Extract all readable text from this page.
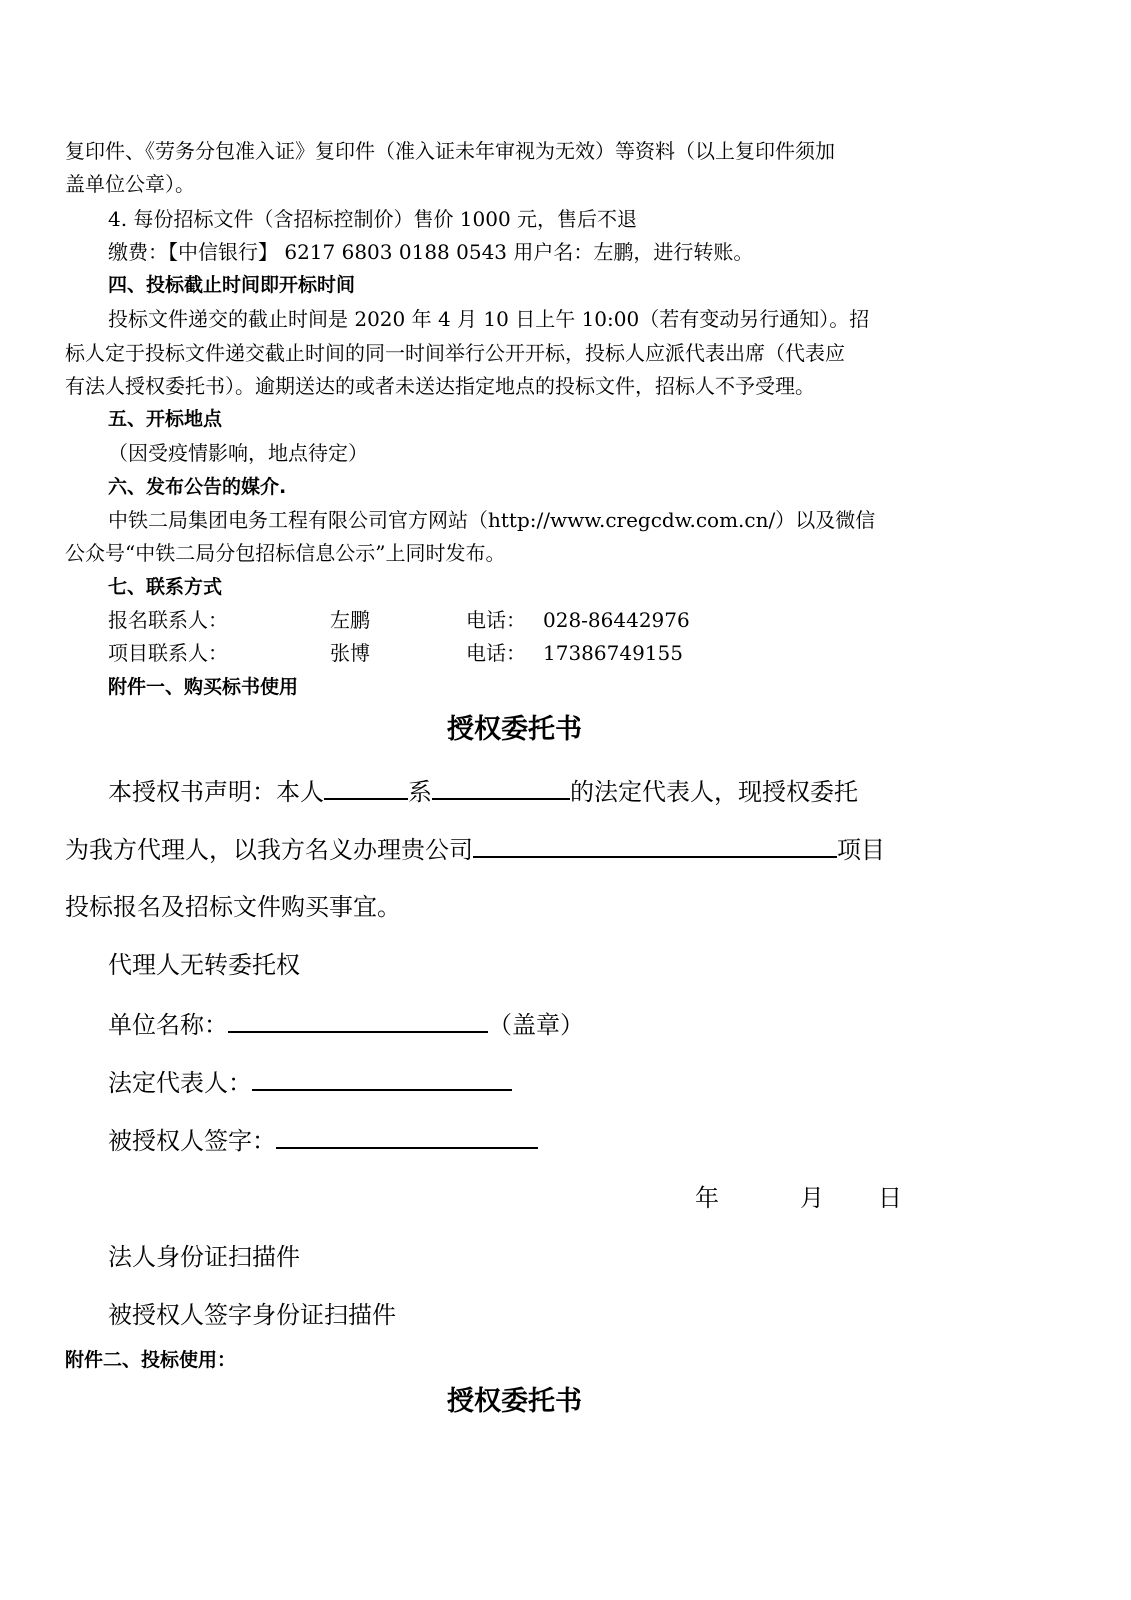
复印件、《劳务分包准入证》复印件（准入证未年审视为无效）等资料（以上复印件须加
盖单位公章）。
4. 每份招标文件（含招标控制价）售价 1000 元，售后不退
缴费：【中信银行】 6217 6803 0188 0543 用户名：左鹏，进行转账。
四、投标截止时间即开标时间
投标文件递交的截止时间是 2020 年 4 月 10 日上午 10:00（若有变动另行通知）。招
标人定于投标文件递交截止时间的同一时间举行公开开标，投标人应派代表出席（代表应
有法人授权委托书）。逾期送达的或者未送达指定地点的投标文件，招标人不予受理。
五、开标地点
（因受疫情影响，地点待定）
六、发布公告的媒介.
中铁二局集团电务工程有限公司官方网站（http://www.cregcdw.com.cn/）以及微信
公众号“中铁二局分包招标信息公示”上同时发布。
七、联系方式
报名联系人：	左鹏	电话： 028-86442976
项目联系人：	张博	电话： 17386749155
附件一、购买标书使用
授权委托书
本授权书声明：本人	系	的法定代表人，现授权委托
为我方代理人，以我方名义办理贵公司	项目
投标报名及招标文件购买事宜。
代理人无转委托权
单位名称：	（盖章）
法定代表人：
被授权人签字：
年	月 日
法人身份证扫描件
被授权人签字身份证扫描件
附件二、投标使用：
授权委托书
